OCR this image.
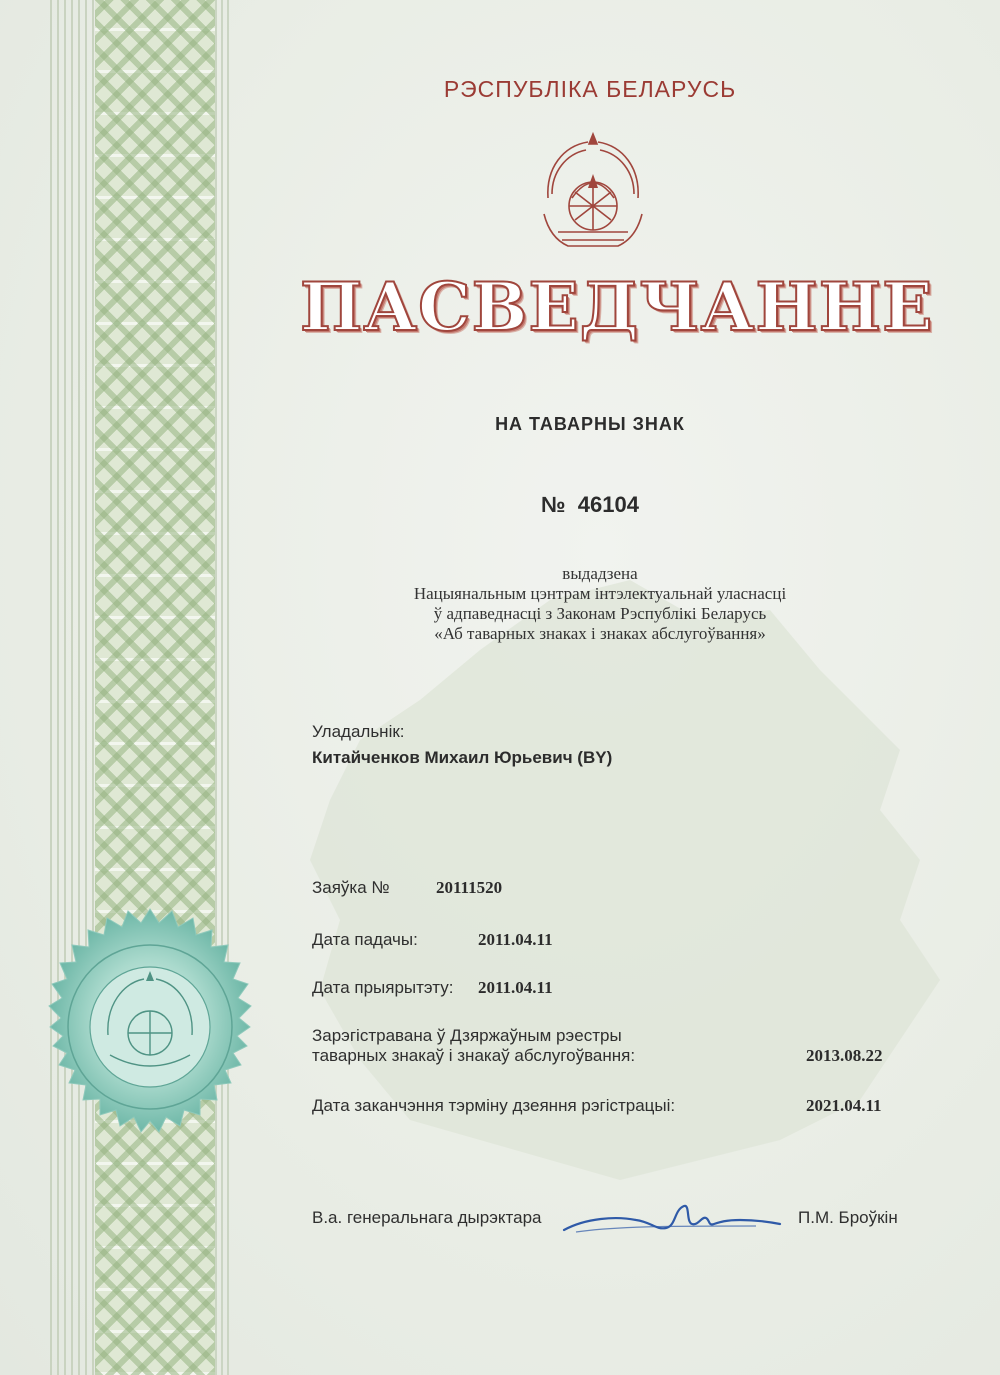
РЭСПУБЛІКА БЕЛАРУСЬ
ПАСВЕДЧАННЕ
НА ТАВАРНЫ ЗНАК
№  46104
выдадзена
Нацыянальным цэнтрам інтэлектуальнай уласнасці
ў адпаведнасці з Законам Рэспублікі Беларусь
«Аб таварных знаках і знаках абслугоўвання»
Уладальнік:
Китайченков Михаил Юрьевич (BY)
Заяўка №	20111520
Дата падачы:	2011.04.11
Дата прыярытэту: 2011.04.11
Зарэгістравана ў Дзяржаўным рэестры
таварных знакаў і знакаў абслугоўвання:	2013.08.22
Дата заканчэння тэрміну дзеяння рэгістрацыі:	2021.04.11
В.а. генеральнага дырэктара	П.М. Броўкін
